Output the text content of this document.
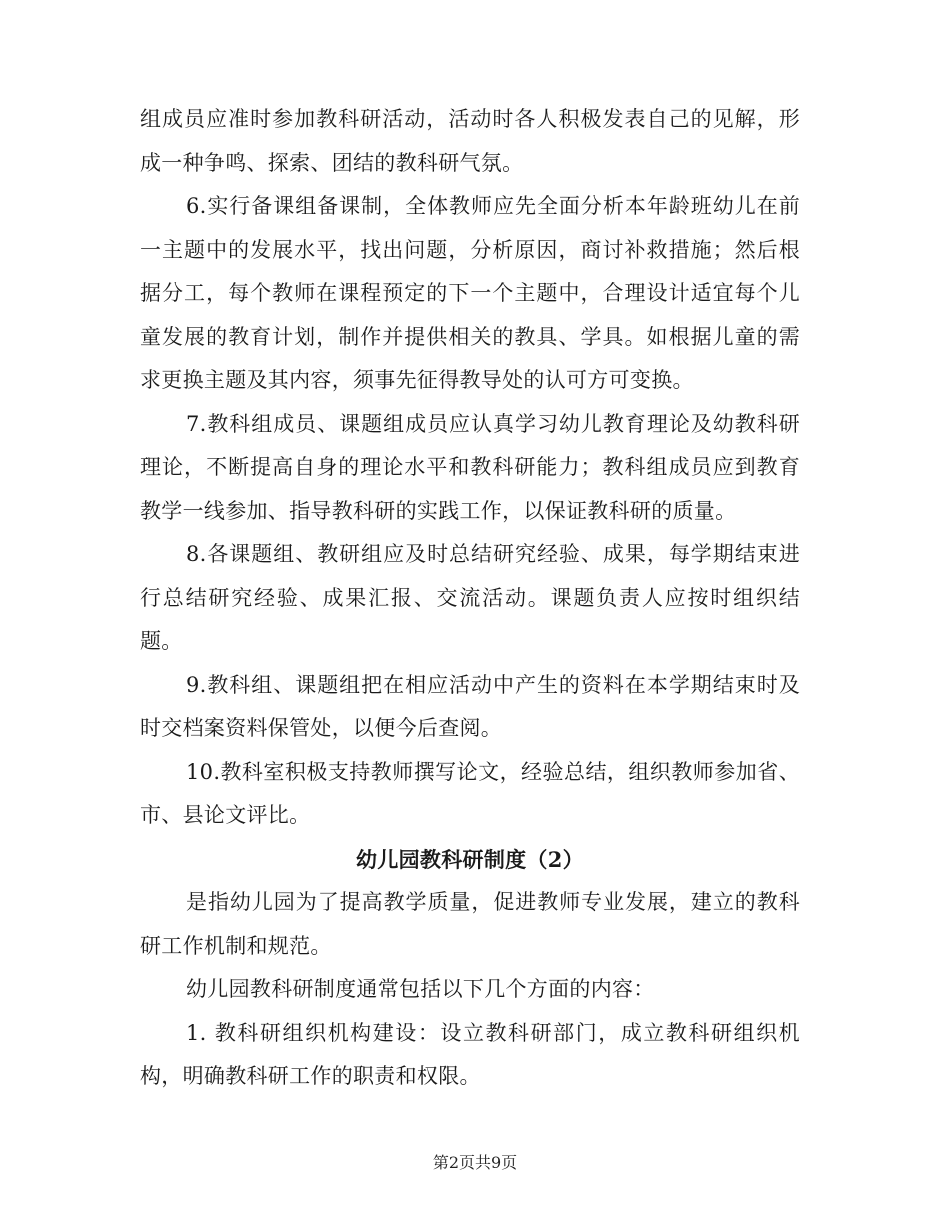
组成员应准时参加教科研活动，活动时各人积极发表自己的见解，形成一种争鸣、探索、团结的教科研气氛。

6.实行备课组备课制，全体教师应先全面分析本年龄班幼儿在前一主题中的发展水平，找出问题，分析原因，商讨补救措施；然后根据分工，每个教师在课程预定的下一个主题中，合理设计适宜每个儿童发展的教育计划，制作并提供相关的教具、学具。如根据儿童的需求更换主题及其内容，须事先征得教导处的认可方可变换。

7.教科组成员、课题组成员应认真学习幼儿教育理论及幼教科研理论，不断提高自身的理论水平和教科研能力；教科组成员应到教育教学一线参加、指导教科研的实践工作，以保证教科研的质量。

8.各课题组、教研组应及时总结研究经验、成果，每学期结束进行总结研究经验、成果汇报、交流活动。课题负责人应按时组织结题。

9.教科组、课题组把在相应活动中产生的资料在本学期结束时及时交档案资料保管处，以便今后查阅。

10.教科室积极支持教师撰写论文，经验总结，组织教师参加省、市、县论文评比。

幼儿园教科研制度（2）

是指幼儿园为了提高教学质量，促进教师专业发展，建立的教科研工作机制和规范。

幼儿园教科研制度通常包括以下几个方面的内容：

1. 教科研组织机构建设：设立教科研部门，成立教科研组织机构，明确教科研工作的职责和权限。

第2页共9页
